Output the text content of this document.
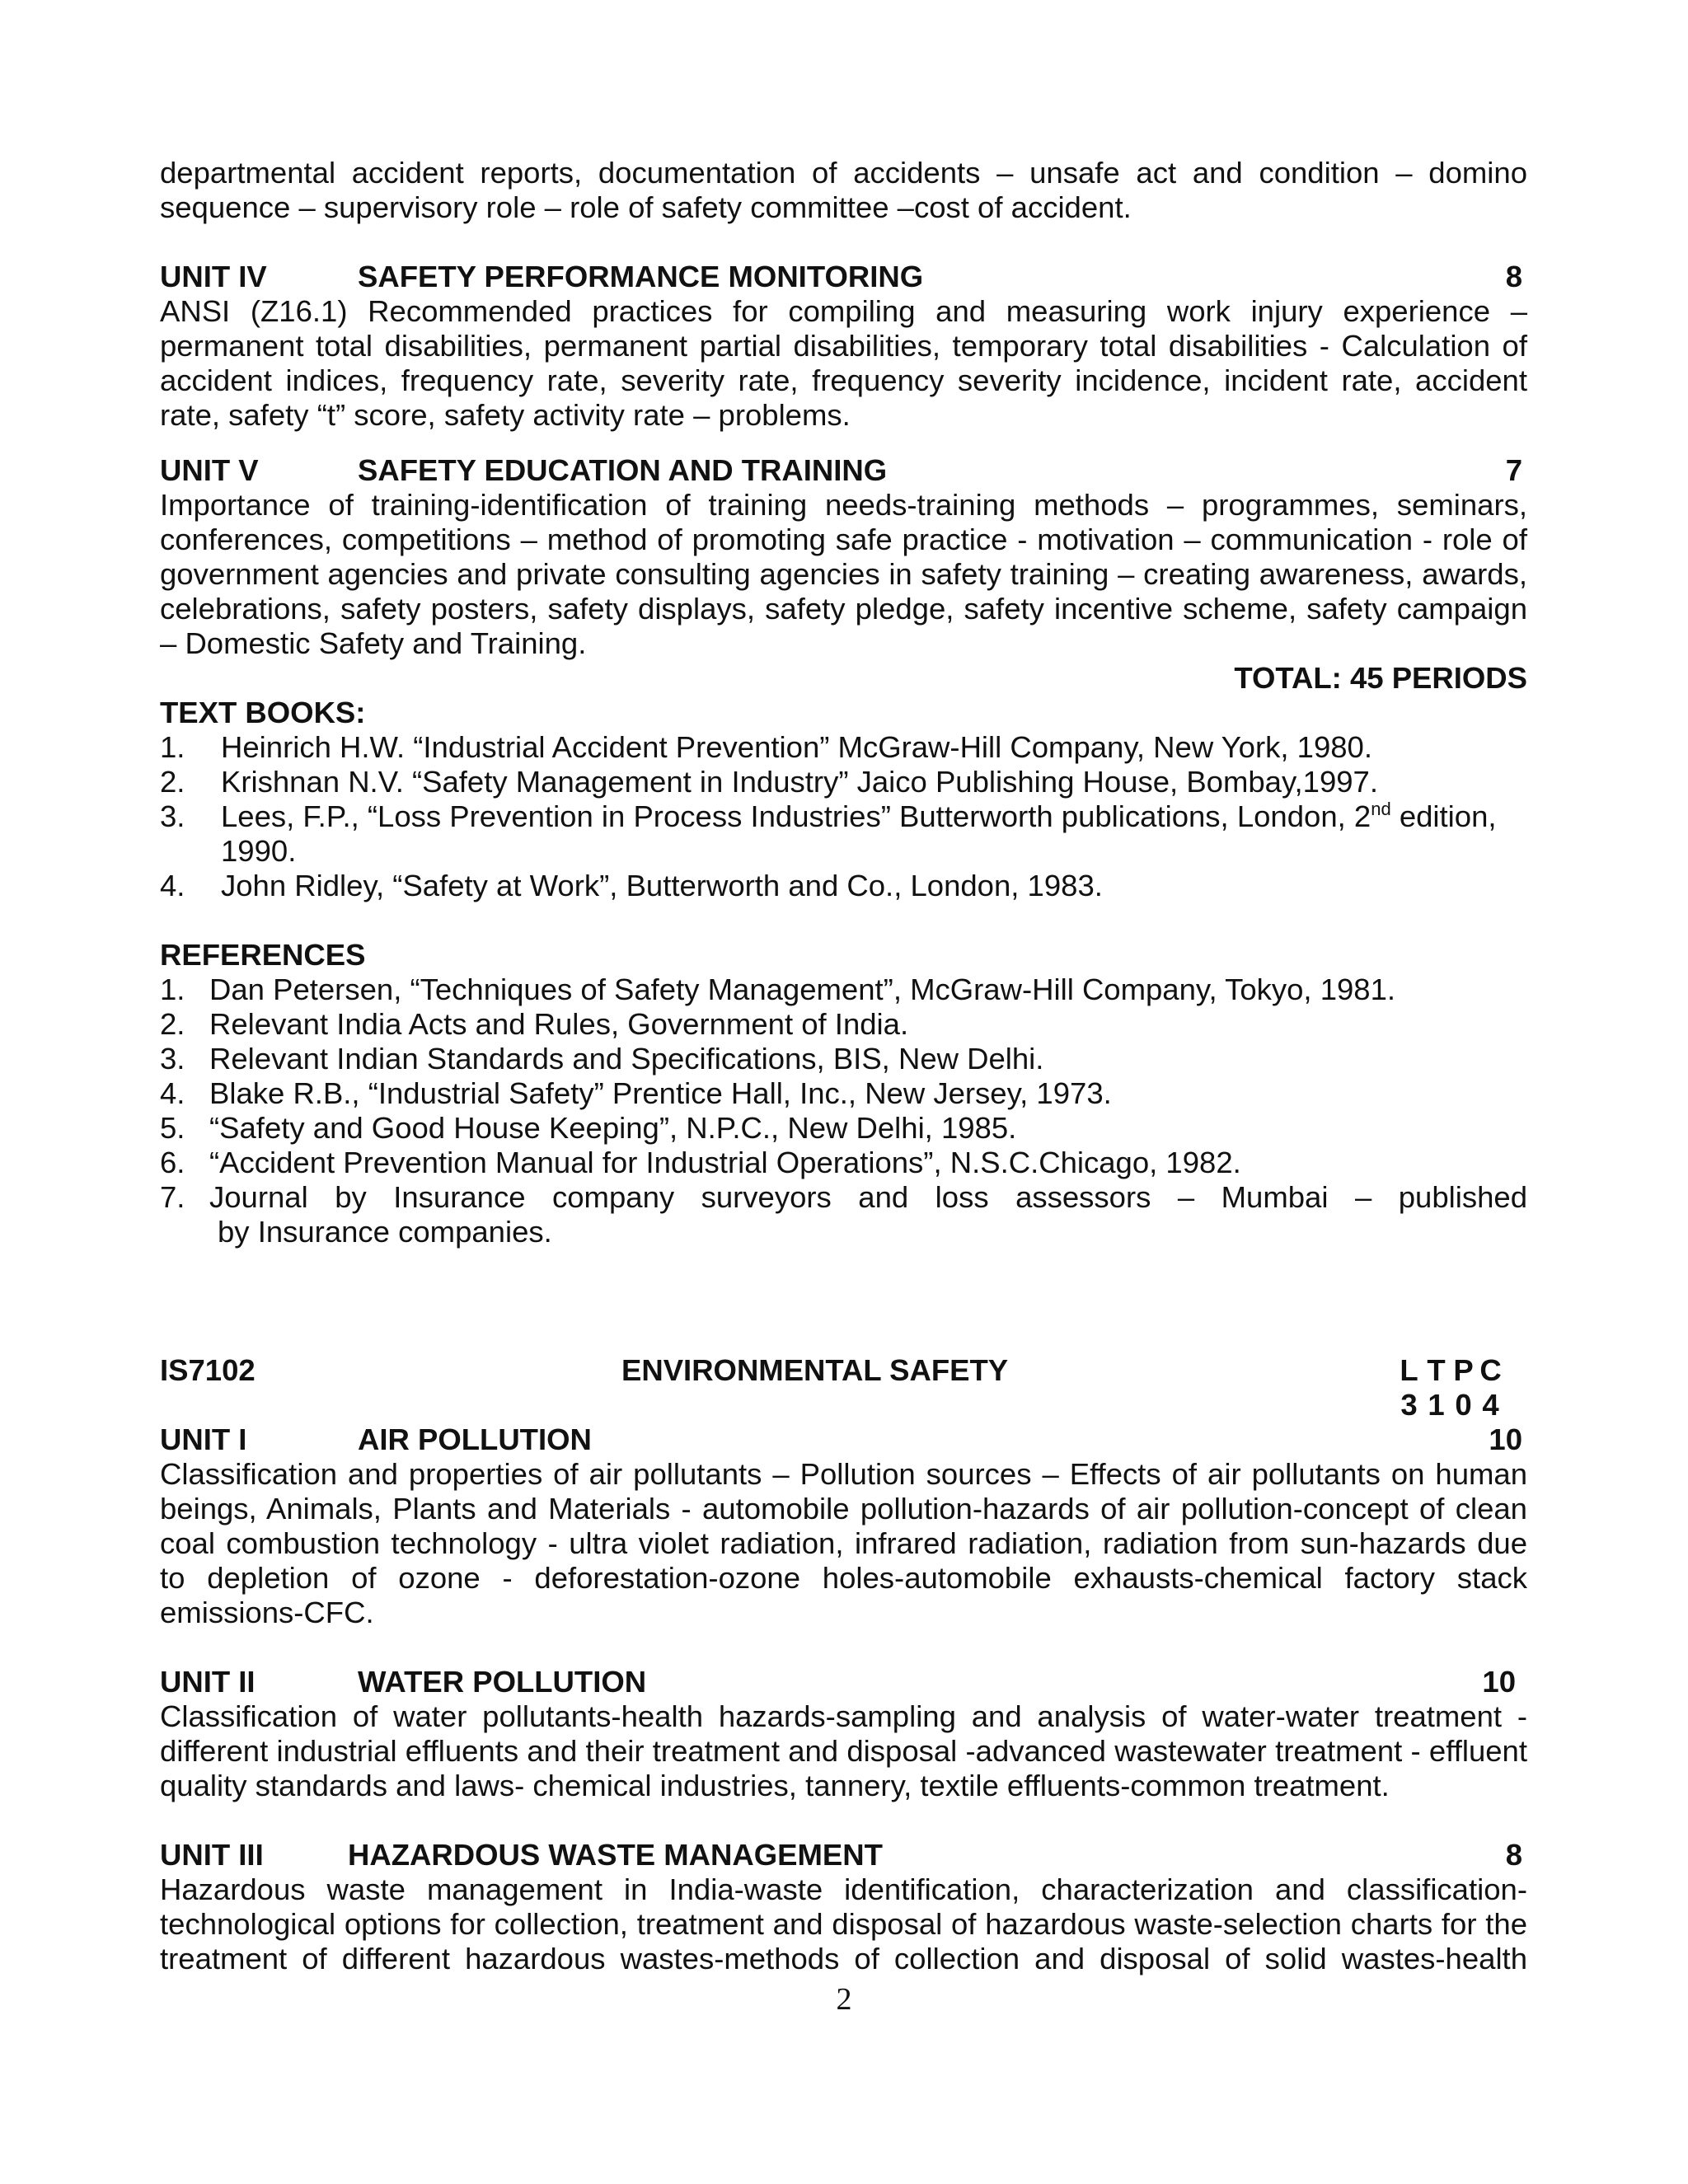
departmental accident reports, documentation of accidents – unsafe act and condition – domino sequence – supervisory role – role of safety committee –cost of accident.
UNIT IV	SAFETY PERFORMANCE MONITORING	8
ANSI (Z16.1) Recommended practices for compiling and measuring work injury experience – permanent total disabilities, permanent partial disabilities, temporary total disabilities - Calculation of accident indices, frequency rate, severity rate, frequency severity incidence, incident rate, accident rate, safety “t” score, safety activity rate – problems.
UNIT V	SAFETY EDUCATION AND TRAINING	7
Importance of training-identification of training needs-training methods – programmes, seminars, conferences, competitions – method of promoting safe practice - motivation – communication - role of government agencies and private consulting agencies in safety training – creating awareness, awards, celebrations, safety posters, safety displays, safety pledge, safety incentive scheme, safety campaign – Domestic Safety and Training.
TOTAL: 45 PERIODS
TEXT BOOKS:
1. Heinrich H.W. “Industrial Accident Prevention” McGraw-Hill Company, New York, 1980.
2. Krishnan N.V. “Safety Management in Industry” Jaico Publishing House, Bombay,1997.
3. Lees, F.P., “Loss Prevention in Process Industries” Butterworth publications, London, 2nd edition, 1990.
4. John Ridley, “Safety at Work”, Butterworth and Co., London, 1983.
REFERENCES
1. Dan Petersen, “Techniques of Safety Management”, McGraw-Hill Company, Tokyo, 1981.
2. Relevant India Acts and Rules, Government of India.
3. Relevant Indian Standards and Specifications, BIS, New Delhi.
4. Blake R.B., “Industrial Safety” Prentice Hall, Inc., New Jersey, 1973.
5. “Safety and Good House Keeping”, N.P.C., New Delhi, 1985.
6. “Accident Prevention Manual for Industrial Operations”, N.S.C.Chicago, 1982.
7. Journal by Insurance company surveyors and loss assessors – Mumbai – published
by Insurance companies.
IS7102	ENVIRONMENTAL SAFETY	L T P C
3 1 0 4
UNIT I	AIR POLLUTION	10
Classification and properties of air pollutants – Pollution sources – Effects of air pollutants on human beings, Animals, Plants and Materials - automobile pollution-hazards of air pollution-concept of clean coal combustion technology - ultra violet radiation, infrared radiation, radiation from sun-hazards due to depletion of ozone - deforestation-ozone holes-automobile exhausts-chemical factory stack emissions-CFC.
UNIT II	WATER POLLUTION	10
Classification of water pollutants-health hazards-sampling and analysis of water-water treatment - different industrial effluents and their treatment and disposal -advanced wastewater treatment - effluent quality standards and laws- chemical industries, tannery, textile effluents-common treatment.
UNIT III	HAZARDOUS WASTE MANAGEMENT	8
Hazardous waste management in India-waste identification, characterization and classification-technological options for collection, treatment and disposal of hazardous waste-selection charts for the treatment of different hazardous wastes-methods of collection and disposal of solid wastes-health
2
